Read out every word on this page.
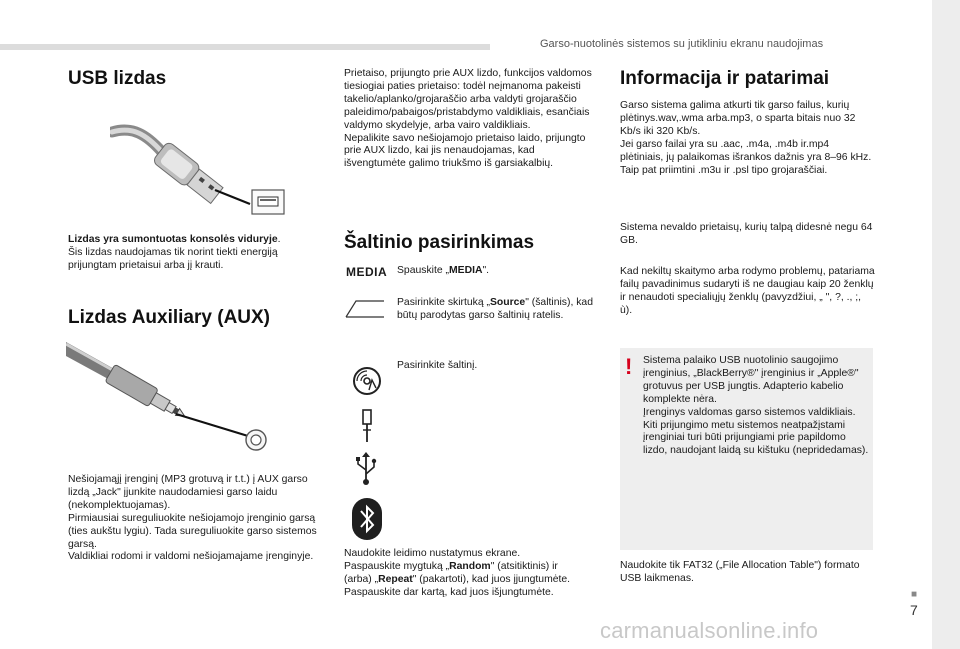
Garso-nuotolinės sistemos su jutikliniu ekranu naudojimas
USB lizdas
Lizdas yra sumontuotas konsolės viduryje.
Šis lizdas naudojamas tik norint tiekti energiją prijungtam prietaisui arba jį krauti.
Lizdas Auxiliary (AUX)
Nešiojamąjį įrenginį (MP3 grotuvą ir t.t.) į AUX garso lizdą „Jack" įjunkite naudodamiesi garso laidu (nekomplektuojamas).
Pirmiausiai sureguliuokite nešiojamojo įrenginio garsą (ties aukštu lygiu). Tada sureguliuokite garso sistemos garsą.
Valdikliai rodomi ir valdomi nešiojamajame įrenginyje.
Prietaiso, prijungto prie AUX lizdo, funkcijos valdomos tiesiogiai paties prietaiso: todėl neįmanoma pakeisti takelio/aplanko/grojaraščio arba valdyti grojaraščio paleidimo/pabaigos/pristabdymo valdikliais, esančiais valdymo skydelyje, arba vairo valdikliais.
Nepalikite savo nešiojamojo prietaiso laido, prijungto prie AUX lizdo, kai jis nenaudojamas, kad išvengtumėte galimo triukšmo iš garsiakalbių.
Šaltinio pasirinkimas
MEDIA Spauskite „MEDIA".
Pasirinkite skirtuką „Source" (šaltinis), kad būtų parodytas garso šaltinių ratelis.
Pasirinkite šaltinį.
Naudokite leidimo nustatymus ekrane.
Paspauskite mygtuką „Random" (atsitiktinis) ir
(arba) „Repeat" (pakartoti), kad juos įjungtumėte.
Paspauskite dar kartą, kad juos išjungtumėte.
Informacija ir patarimai
Garso sistema galima atkurti tik garso failus, kurių plėtinys.wav,.wma arba.mp3, o sparta bitais nuo 32 Kb/s iki 320 Kb/s.
Jei garso failai yra su .aac, .m4a, .m4b ir.mp4 plėtiniais, jų palaikomas išrankos dažnis yra 8–96 kHz.
Taip pat priimtini .m3u ir .psl tipo grojaraščiai.
Sistema nevaldo prietaisų, kurių talpą didesnė negu 64 GB.
Kad nekiltų skaitymo arba rodymo problemų, patariama failų pavadinimus sudaryti iš ne daugiau kaip 20 ženklų ir nenaudoti specialiųjų ženklų (pavyzdžiui, „ ", ?, ., ;, ù).
! Sistema palaiko USB nuotolinio saugojimo įrenginius, „BlackBerry®" įrenginius ir „Apple®" grotuvus per USB jungtis. Adapterio kabelio komplekte nėra.
Įrenginys valdomas garso sistemos valdikliais.
Kiti prijungimo metu sistemos neatpažįstami įrenginiai turi būti prijungiami prie papildomo lizdo, naudojant laidą su kištuku (nepridedamas).
Naudokite tik FAT32 („File Allocation Table") formato USB laikmenas.
■
7
carmanualsonline.info
